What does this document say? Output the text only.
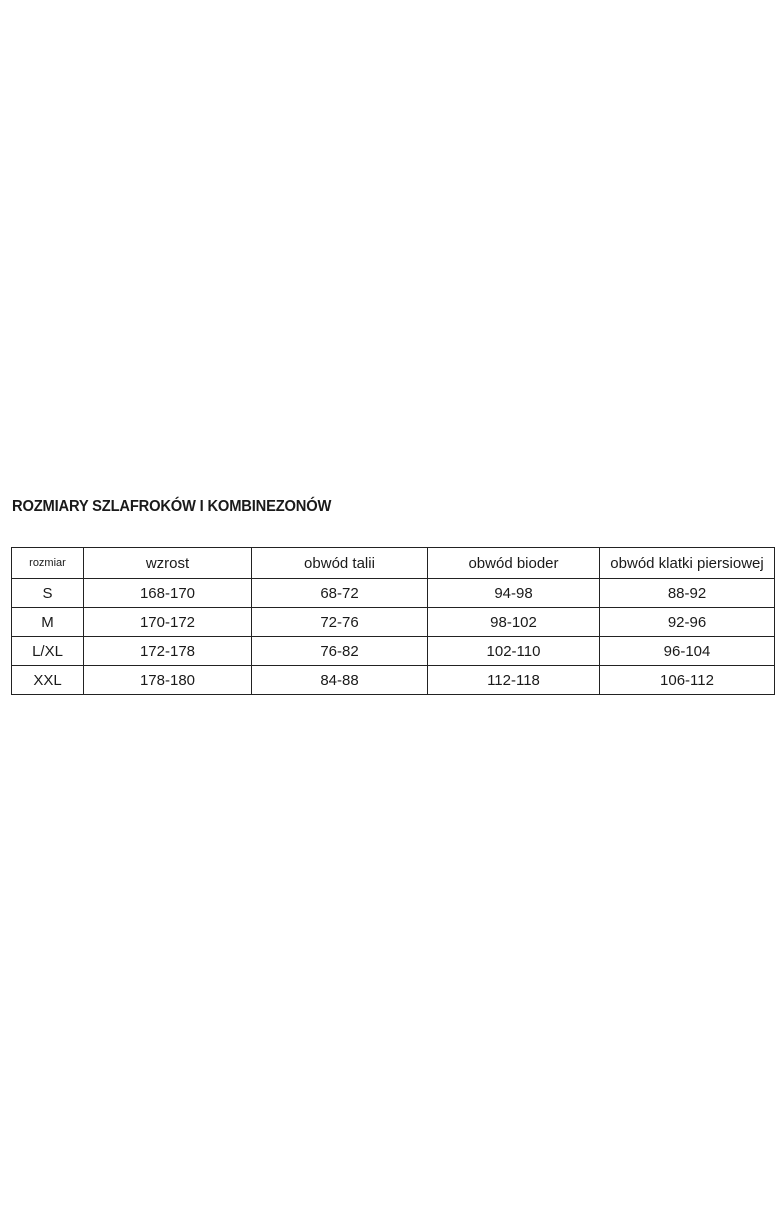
ROZMIARY SZLAFROKÓW I KOMBINEZONÓW
rozmiar	wzrost	obwód talii	obwód bioder	obwód klatki piersiowej
S	168-170	68-72	94-98	88-92
M	170-172	72-76	98-102	92-96
L/XL	172-178	76-82	102-110	96-104
XXL	178-180	84-88	112-118	106-112
